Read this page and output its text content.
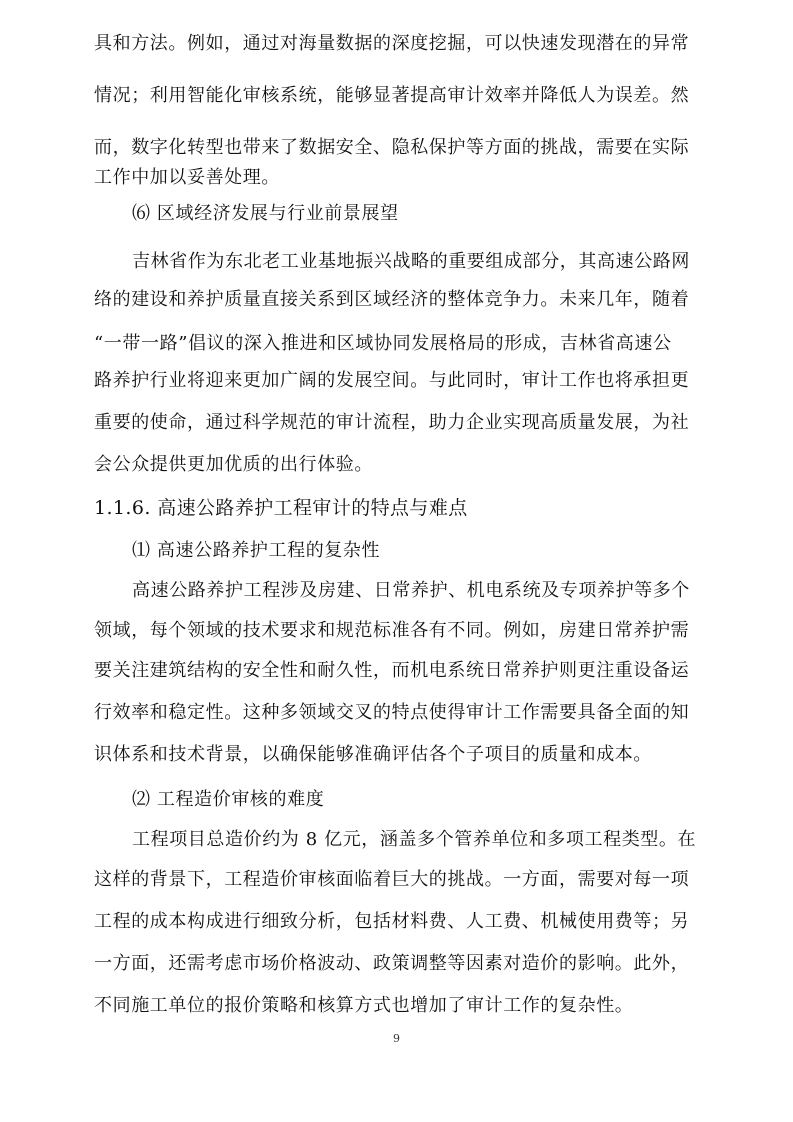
具和方法。例如，通过对海量数据的深度挖掘，可以快速发现潜在的异常
情况；利用智能化审核系统，能够显著提高审计效率并降低人为误差。然
而，数字化转型也带来了数据安全、隐私保护等方面的挑战，需要在实际
工作中加以妥善处理。
⑹ 区域经济发展与行业前景展望
吉林省作为东北老工业基地振兴战略的重要组成部分，其高速公路网
络的建设和养护质量直接关系到区域经济的整体竞争力。未来几年，随着
“一带一路”倡议的深入推进和区域协同发展格局的形成，吉林省高速公
路养护行业将迎来更加广阔的发展空间。与此同时，审计工作也将承担更
重要的使命，通过科学规范的审计流程，助力企业实现高质量发展，为社
会公众提供更加优质的出行体验。
1.1.6. 高速公路养护工程审计的特点与难点
⑴ 高速公路养护工程的复杂性
高速公路养护工程涉及房建、日常养护、机电系统及专项养护等多个
领域，每个领域的技术要求和规范标准各有不同。例如，房建日常养护需
要关注建筑结构的安全性和耐久性，而机电系统日常养护则更注重设备运
行效率和稳定性。这种多领域交叉的特点使得审计工作需要具备全面的知
识体系和技术背景，以确保能够准确评估各个子项目的质量和成本。
⑵ 工程造价审核的难度
工程项目总造价约为 8 亿元，涵盖多个管养单位和多项工程类型。在
这样的背景下，工程造价审核面临着巨大的挑战。一方面，需要对每一项
工程的成本构成进行细致分析，包括材料费、人工费、机械使用费等；另
一方面，还需考虑市场价格波动、政策调整等因素对造价的影响。此外，
不同施工单位的报价策略和核算方式也增加了审计工作的复杂性。
9
